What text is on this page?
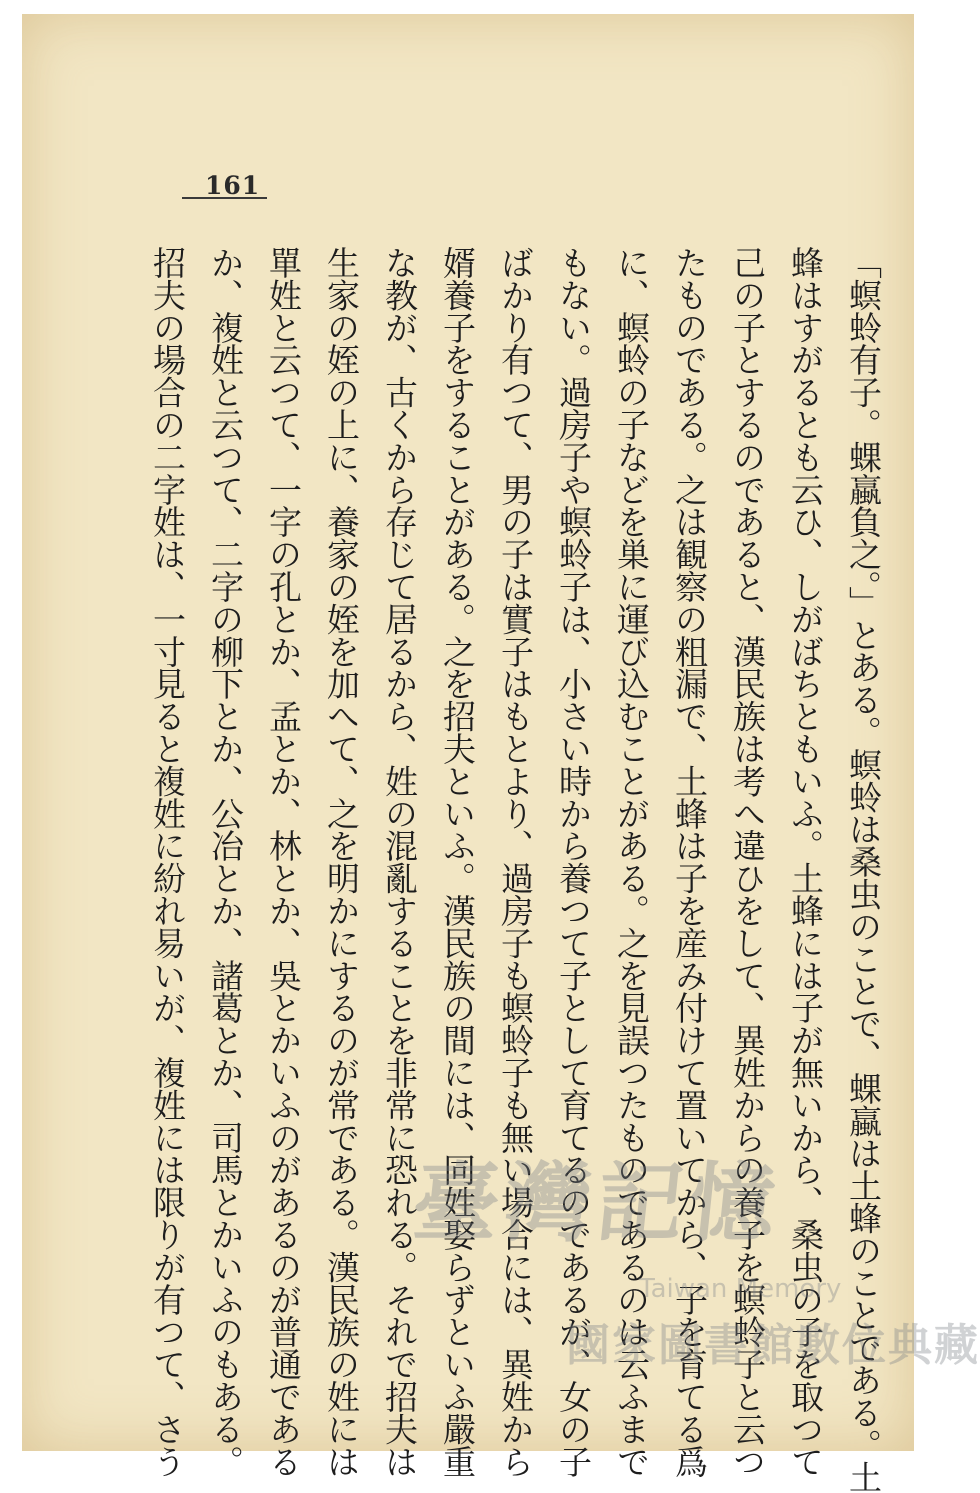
161
「螟蛉有子。蜾蠃負之。」とある。螟蛉は桑虫のことで、蜾蠃は土蜂のことである。土
蜂はすがるとも云ひ、しがばちともいふ。土蜂には子が無いから、桑虫の子を取つて
己の子とするのであると、漢民族は考へ違ひをして、異姓からの養子を螟蛉子と云つ
たものである。之は観察の粗漏で、土蜂は子を産み付けて置いてから、子を育てる爲
に、螟蛉の子などを巣に運び込むことがある。之を見誤つたものであるのは云ふまで
もない。過房子や螟蛉子は、小さい時から養つて子として育てるのであるが、女の子
ばかり有つて、男の子は實子はもとより、過房子も螟蛉子も無い場合には、異姓から
婿養子をすることがある。之を招夫といふ。漢民族の間には、同姓娶らずといふ嚴重
な教が、古くから存じて居るから、姓の混亂することを非常に恐れる。それで招夫は
生家の姪の上に、養家の姪を加へて、之を明かにするのが常である。漢民族の姓には
單姓と云つて、一字の孔とか、孟とか、林とか、吳とかいふのがあるのが普通である
か、複姓と云つて、二字の柳下とか、公冶とか、諸葛とか、司馬とかいふのもある。
招夫の場合の二字姓は、一寸見ると複姓に紛れ易いが、複姓には限りが有つて、さう	臺灣記憶
Taiwan Memory
國家圖書館數位典藏
